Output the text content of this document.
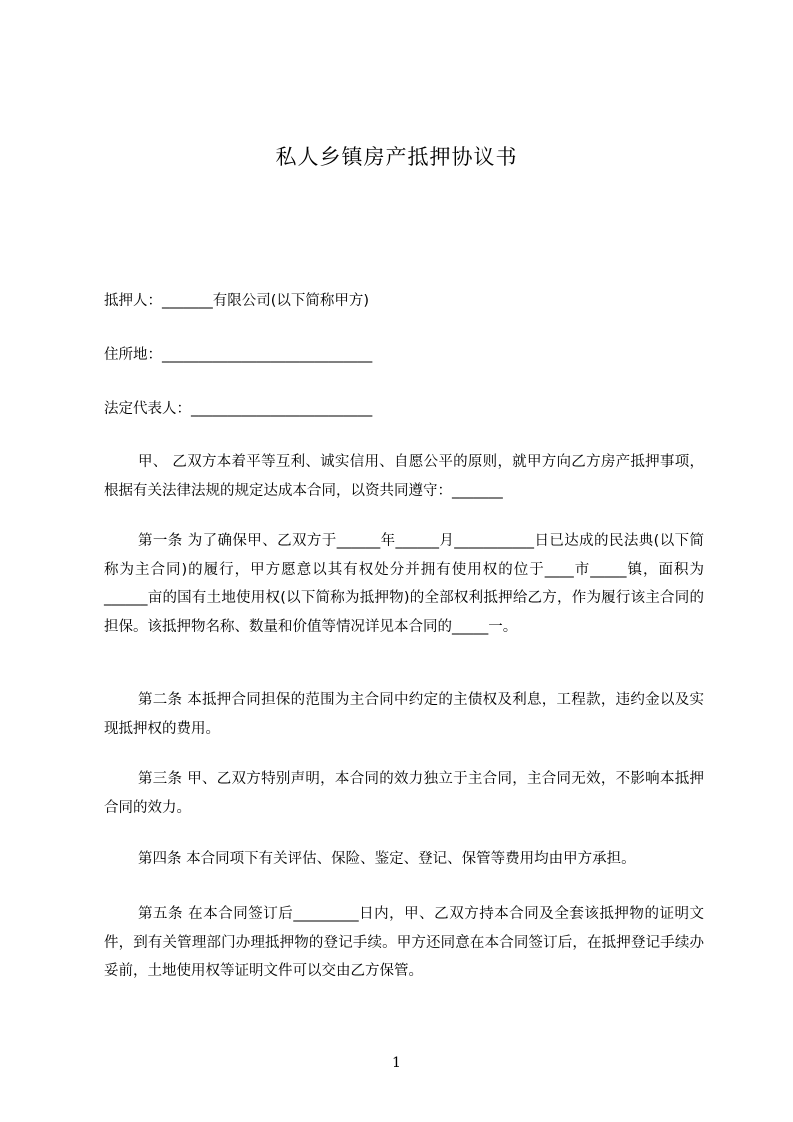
私人乡镇房产抵押协议书
抵押人：_______有限公司(以下简称甲方)
住所地：_____________________________
法定代表人：_________________________
甲、 乙双方本着平等互利、诚实信用、自愿公平的原则，就甲方向乙方房产抵押事项， 根据有关法律法规的规定达成本合同，以资共同遵守：_______
第一条 为了确保甲、乙双方于______年______月___________日已达成的民法典(以下简称为主合同)的履行，甲方愿意以其有权处分并拥有使用权的位于____市_____镇，面积为______亩的国有土地使用权(以下简称为抵押物)的全部权利抵押给乙方，作为履行该主合同的担保。该抵押物名称、数量和价值等情况详见本合同的_____一。
第二条 本抵押合同担保的范围为主合同中约定的主债权及利息，工程款，违约金以及实现抵押权的费用。
第三条 甲、乙双方特别声明，本合同的效力独立于主合同，主合同无效，不影响本抵押合同的效力。
第四条 本合同项下有关评估、保险、鉴定、登记、保管等费用均由甲方承担。
第五条 在本合同签订后_________日内，甲、乙双方持本合同及全套该抵押物的证明文件，到有关管理部门办理抵押物的登记手续。甲方还同意在本合同签订后，在抵押登记手续办妥前，土地使用权等证明文件可以交由乙方保管。
1
